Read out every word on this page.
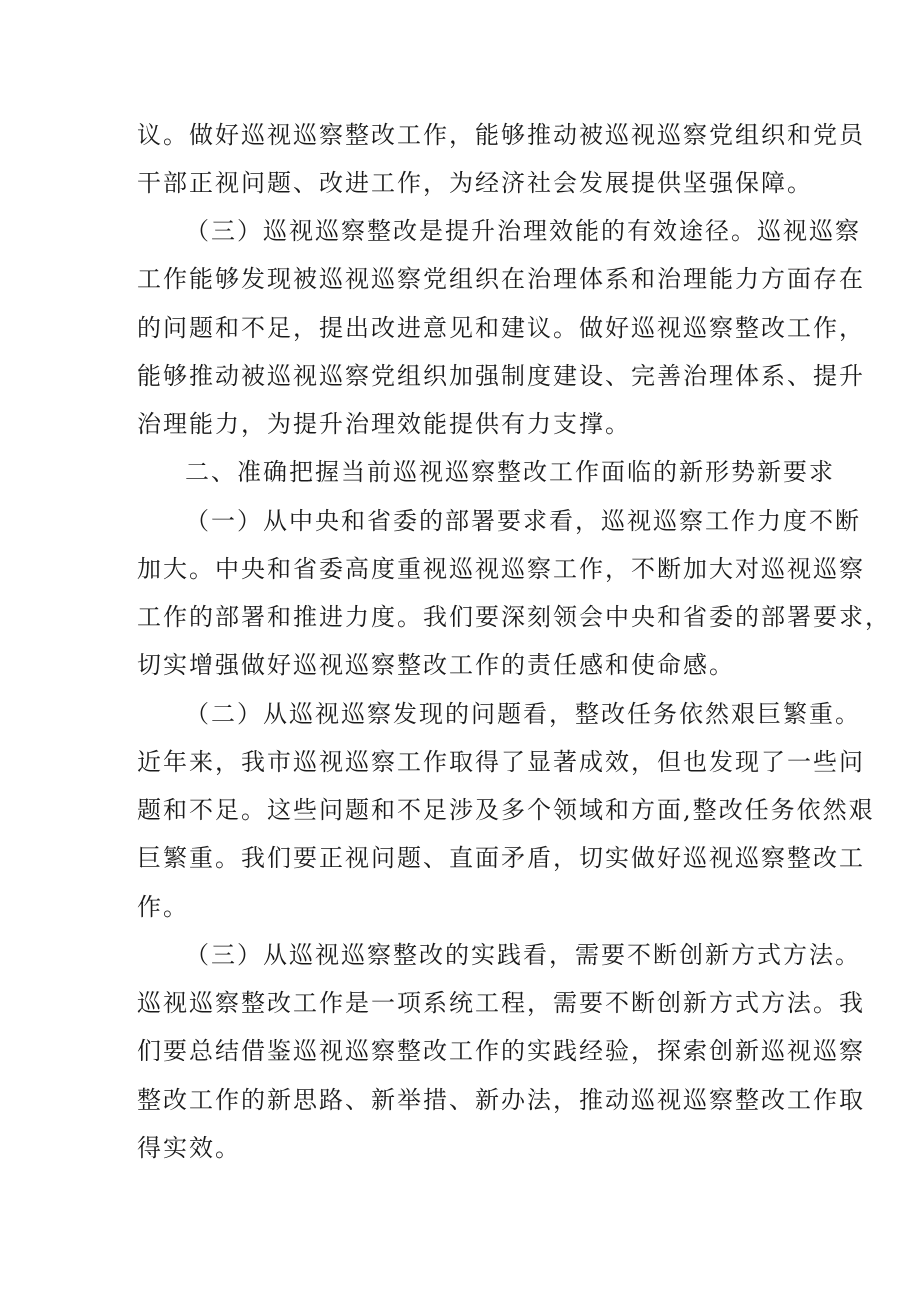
议。做好巡视巡察整改工作，能够推动被巡视巡察党组织和党员
干部正视问题、改进工作，为经济社会发展提供坚强保障。
（三）巡视巡察整改是提升治理效能的有效途径。巡视巡察
工作能够发现被巡视巡察党组织在治理体系和治理能力方面存在
的问题和不足，提出改进意见和建议。做好巡视巡察整改工作，
能够推动被巡视巡察党组织加强制度建设、完善治理体系、提升
治理能力，为提升治理效能提供有力支撑。
二、准确把握当前巡视巡察整改工作面临的新形势新要求
（一）从中央和省委的部署要求看，巡视巡察工作力度不断
加大。中央和省委高度重视巡视巡察工作，不断加大对巡视巡察
工作的部署和推进力度。我们要深刻领会中央和省委的部署要求，
切实增强做好巡视巡察整改工作的责任感和使命感。
（二）从巡视巡察发现的问题看，整改任务依然艰巨繁重。
近年来，我市巡视巡察工作取得了显著成效，但也发现了一些问
题和不足。这些问题和不足涉及多个领域和方面,整改任务依然艰
巨繁重。我们要正视问题、直面矛盾，切实做好巡视巡察整改工
作。
（三）从巡视巡察整改的实践看，需要不断创新方式方法。
巡视巡察整改工作是一项系统工程，需要不断创新方式方法。我
们要总结借鉴巡视巡察整改工作的实践经验，探索创新巡视巡察
整改工作的新思路、新举措、新办法，推动巡视巡察整改工作取
得实效。
